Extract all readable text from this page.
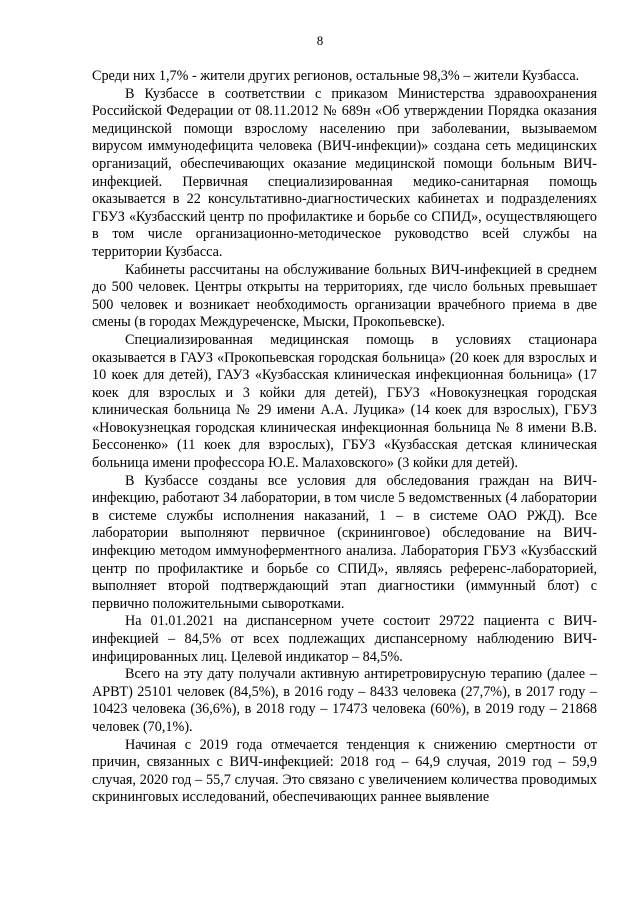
8

Среди них 1,7% - жители других регионов, остальные 98,3% – жители Кузбасса.

В Кузбассе в соответствии с приказом Министерства здравоохранения Российской Федерации от 08.11.2012 № 689н «Об утверждении Порядка оказания медицинской помощи взрослому населению при заболевании, вызываемом вирусом иммунодефицита человека (ВИЧ-инфекции)» создана сеть медицинских организаций, обеспечивающих оказание медицинской помощи больным ВИЧ-инфекцией. Первичная специализированная медико-санитарная помощь оказывается в 22 консультативно-диагностических кабинетах и подразделениях ГБУЗ «Кузбасский центр по профилактике и борьбе со СПИД», осуществляющего в том числе организационно-методическое руководство всей службы на территории Кузбасса.

Кабинеты рассчитаны на обслуживание больных ВИЧ-инфекцией в среднем до 500 человек. Центры открыты на территориях, где число больных превышает 500 человек и возникает необходимость организации врачебного приема в две смены (в городах Междуреченске, Мыски, Прокопьевске).

Специализированная медицинская помощь в условиях стационара оказывается в ГАУЗ «Прокопьевская городская больница» (20 коек для взрослых и 10 коек для детей), ГАУЗ «Кузбасская клиническая инфекционная больница» (17 коек для взрослых и 3 койки для детей), ГБУЗ «Новокузнецкая городская клиническая больница № 29 имени А.А. Луцика» (14 коек для взрослых), ГБУЗ «Новокузнецкая городская клиническая инфекционная больница № 8 имени В.В. Бессоненко» (11 коек для взрослых), ГБУЗ «Кузбасская детская клиническая больница имени профессора Ю.Е. Малаховского» (3 койки для детей).

В Кузбассе созданы все условия для обследования граждан на ВИЧ-инфекцию, работают 34 лаборатории, в том числе 5 ведомственных (4 лаборатории в системе службы исполнения наказаний, 1 – в системе ОАО РЖД). Все лаборатории выполняют первичное (скрининговое) обследование на ВИЧ-инфекцию методом иммуноферментного анализа. Лаборатория ГБУЗ «Кузбасский центр по профилактике и борьбе со СПИД», являясь референс-лабораторией, выполняет второй подтверждающий этап диагностики (иммунный блот) с первично положительными сыворотками.

На 01.01.2021 на диспансерном учете состоит 29722 пациента с ВИЧ-инфекцией – 84,5% от всех подлежащих диспансерному наблюдению ВИЧ-инфицированных лиц. Целевой индикатор – 84,5%.

Всего на эту дату получали активную антиретровирусную терапию (далее – АРВТ) 25101 человек (84,5%), в 2016 году – 8433 человека (27,7%), в 2017 году – 10423 человека (36,6%), в 2018 году – 17473 человека (60%), в 2019 году – 21868 человек (70,1%).

Начиная с 2019 года отмечается тенденция к снижению смертности от причин, связанных с ВИЧ-инфекцией: 2018 год – 64,9 случая, 2019 год – 59,9 случая, 2020 год – 55,7 случая. Это связано с увеличением количества проводимых скрининговых исследований, обеспечивающих раннее выявление
